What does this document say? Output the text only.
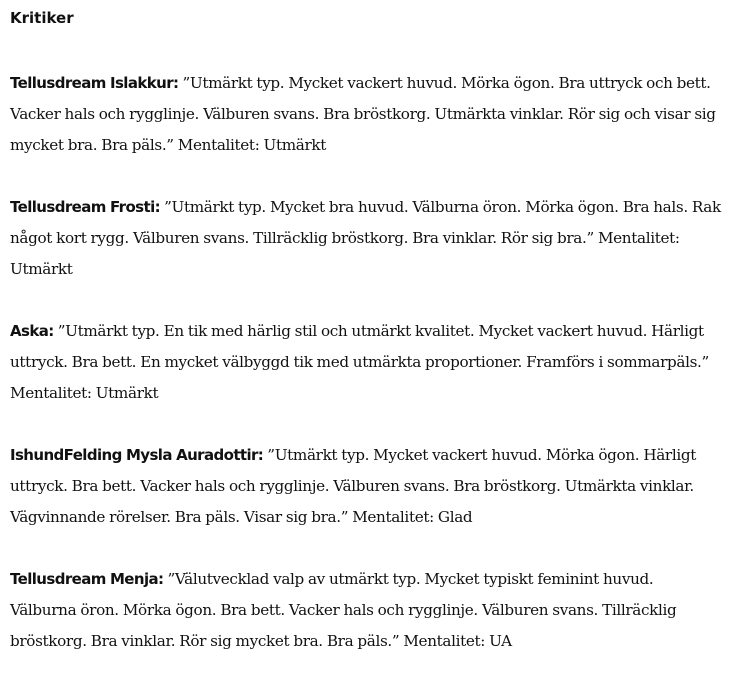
Kritiker

Tellusdream Islakkur: ”Utmärkt typ. Mycket vackert huvud. Mörka ögon. Bra uttryck och bett. Vacker hals och rygglinje. Välburen svans. Bra bröstkorg. Utmärkta vinklar. Rör sig och visar sig mycket bra. Bra päls.” Mentalitet: Utmärkt

Tellusdream Frosti: ”Utmärkt typ. Mycket bra huvud. Välburna öron. Mörka ögon. Bra hals. Rak något kort rygg. Välburen svans. Tillräcklig bröstkorg. Bra vinklar. Rör sig bra.” Mentalitet: Utmärkt

Aska: ”Utmärkt typ. En tik med härlig stil och utmärkt kvalitet. Mycket vackert huvud. Härligt uttryck. Bra bett. En mycket välbyggd tik med utmärkta proportioner. Framförs i sommarpäls.” Mentalitet: Utmärkt

IshundFelding Mysla Auradottir: ”Utmärkt typ. Mycket vackert huvud. Mörka ögon. Härligt uttryck. Bra bett. Vacker hals och rygglinje. Välburen svans. Bra bröstkorg. Utmärkta vinklar. Vägvinnande rörelser. Bra päls. Visar sig bra.” Mentalitet: Glad

Tellusdream Menja: ”Välutvecklad valp av utmärkt typ. Mycket typiskt feminint huvud. Välburna öron. Mörka ögon. Bra bett. Vacker hals och rygglinje. Välburen svans. Tillräcklig bröstkorg. Bra vinklar. Rör sig mycket bra. Bra päls.” Mentalitet: UA
